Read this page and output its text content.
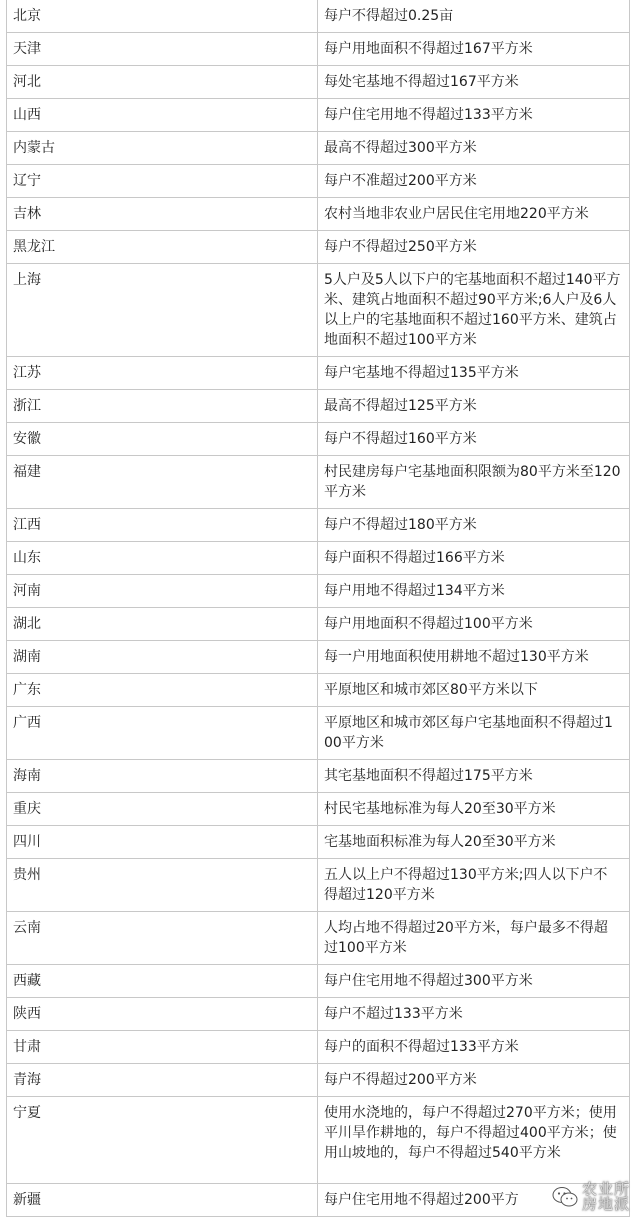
北京	每户不得超过0.25亩
天津	每户用地面积不得超过167平方米
河北	每处宅基地不得超过167平方米
山西	每户住宅用地不得超过133平方米
内蒙古	最高不得超过300平方米
辽宁	每户不准超过200平方米
吉林	农村当地非农业户居民住宅用地220平方米
黑龙江	每户不得超过250平方米
上海	5人户及5人以下户的宅基地面积不超过140平方米、建筑占地面积不超过90平方米;6人户及6人以上户的宅基地面积不超过160平方米、建筑占地面积不超过100平方米
江苏	每户宅基地不得超过135平方米
浙江	最高不得超过125平方米
安徽	每户不得超过160平方米
福建	村民建房每户宅基地面积限额为80平方米至120平方米
江西	每户不得超过180平方米
山东	每户面积不得超过166平方米
河南	每户用地不得超过134平方米
湖北	每户用地面积不得超过100平方米
湖南	每一户用地面积使用耕地不超过130平方米
广东	平原地区和城市郊区80平方米以下
广西	平原地区和城市郊区每户宅基地面积不得超过100平方米
海南	其宅基地面积不得超过175平方米
重庆	村民宅基地标准为每人20至30平方米
四川	宅基地面积标准为每人20至30平方米
贵州	五人以上户不得超过130平方米;四人以下户不得超过120平方米
云南	人均占地不得超过20平方米，每户最多不得超过100平方米
西藏	每户住宅用地不得超过300平方米
陕西	每户不超过133平方米
甘肃	每户的面积不得超过133平方米
青海	每户不得超过200平方米
宁夏	使用水浇地的，每户不得超过270平方米；使用平川旱作耕地的，每户不得超过400平方米；使用山坡地的，每户不得超过540平方米
新疆	每户住宅用地不得超过200平方
农业所
房地派
